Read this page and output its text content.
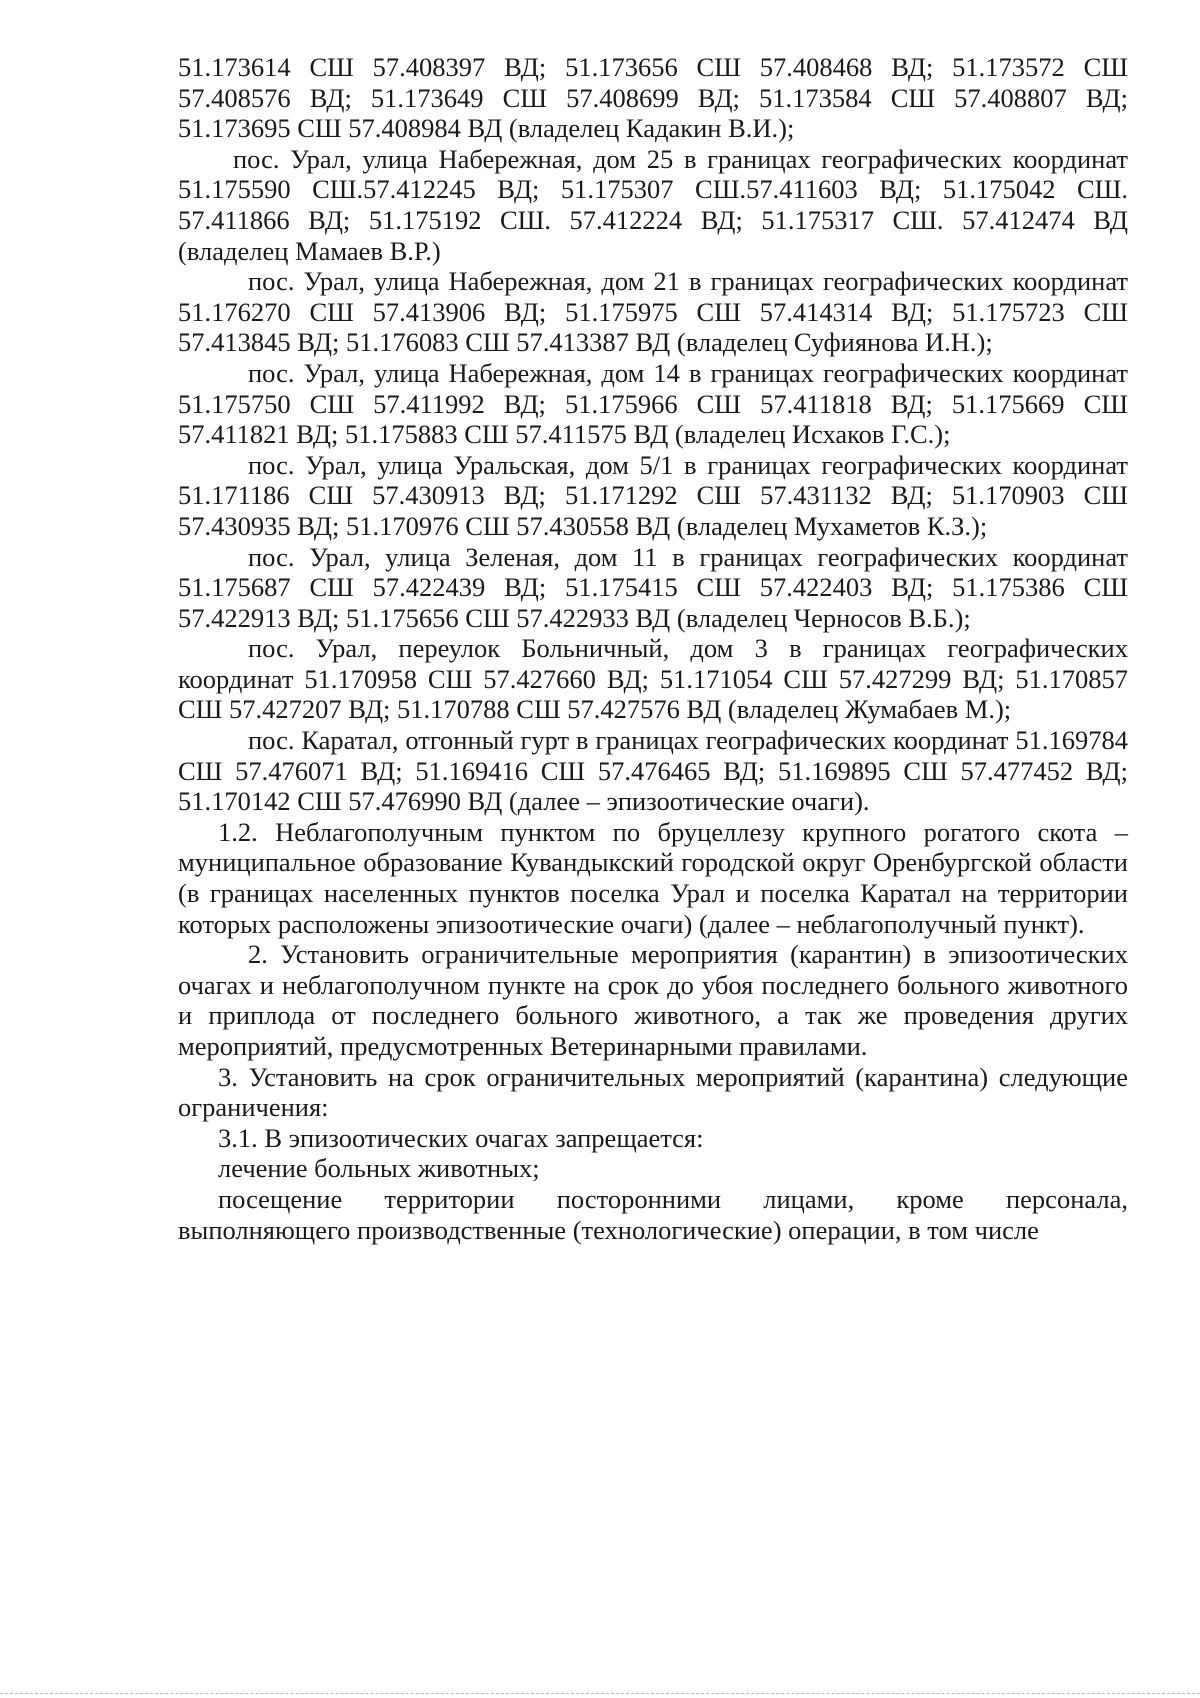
51.173614 СШ 57.408397 ВД; 51.173656 СШ 57.408468 ВД; 51.173572 СШ 57.408576 ВД; 51.173649 СШ 57.408699 ВД; 51.173584 СШ 57.408807 ВД; 51.173695 СШ 57.408984 ВД (владелец Кадакин В.И.);

пос. Урал, улица Набережная, дом 25 в границах географических координат 51.175590 СШ.57.412245 ВД; 51.175307 СШ.57.411603 ВД; 51.175042 СШ. 57.411866 ВД; 51.175192 СШ. 57.412224 ВД; 51.175317 СШ. 57.412474 ВД (владелец Мамаев В.Р.)

пос. Урал, улица Набережная, дом 21 в границах географических координат 51.176270 СШ 57.413906 ВД; 51.175975 СШ 57.414314 ВД; 51.175723 СШ 57.413845 ВД; 51.176083 СШ 57.413387 ВД (владелец Суфиянова И.Н.);

пос. Урал, улица Набережная, дом 14 в границах географических координат 51.175750 СШ 57.411992 ВД; 51.175966 СШ 57.411818 ВД; 51.175669 СШ 57.411821 ВД; 51.175883 СШ 57.411575 ВД (владелец Исхаков Г.С.);

пос. Урал, улица Уральская, дом 5/1 в границах географических координат 51.171186 СШ 57.430913 ВД; 51.171292 СШ 57.431132 ВД; 51.170903 СШ 57.430935 ВД; 51.170976 СШ 57.430558 ВД (владелец Мухаметов К.З.);

пос. Урал, улица Зеленая, дом 11 в границах географических координат 51.175687 СШ 57.422439 ВД; 51.175415 СШ 57.422403 ВД; 51.175386 СШ 57.422913 ВД; 51.175656 СШ 57.422933 ВД (владелец Черносов В.Б.);

пос. Урал, переулок Больничный, дом 3 в границах географических координат 51.170958 СШ 57.427660 ВД; 51.171054 СШ 57.427299 ВД; 51.170857 СШ 57.427207 ВД; 51.170788 СШ 57.427576 ВД (владелец Жумабаев М.);

пос. Каратал, отгонный гурт в границах географических координат 51.169784 СШ 57.476071 ВД; 51.169416 СШ 57.476465 ВД; 51.169895 СШ 57.477452 ВД; 51.170142 СШ 57.476990 ВД (далее – эпизоотические очаги).

1.2. Неблагополучным пунктом по бруцеллезу крупного рогатого скота – муниципальное образование Кувандыкский городской округ Оренбургской области (в границах населенных пунктов поселка Урал и поселка Каратал на территории которых расположены эпизоотические очаги) (далее – неблагополучный пункт).

2. Установить ограничительные мероприятия (карантин) в эпизоотических очагах и неблагополучном пункте на срок до убоя последнего больного животного и приплода от последнего больного животного, а так же проведения других мероприятий, предусмотренных Ветеринарными правилами.

3. Установить на срок ограничительных мероприятий (карантина) следующие ограничения:

3.1. В эпизоотических очагах запрещается:

лечение больных животных;

посещение территории посторонними лицами, кроме персонала, выполняющего производственные (технологические) операции, в том числе
